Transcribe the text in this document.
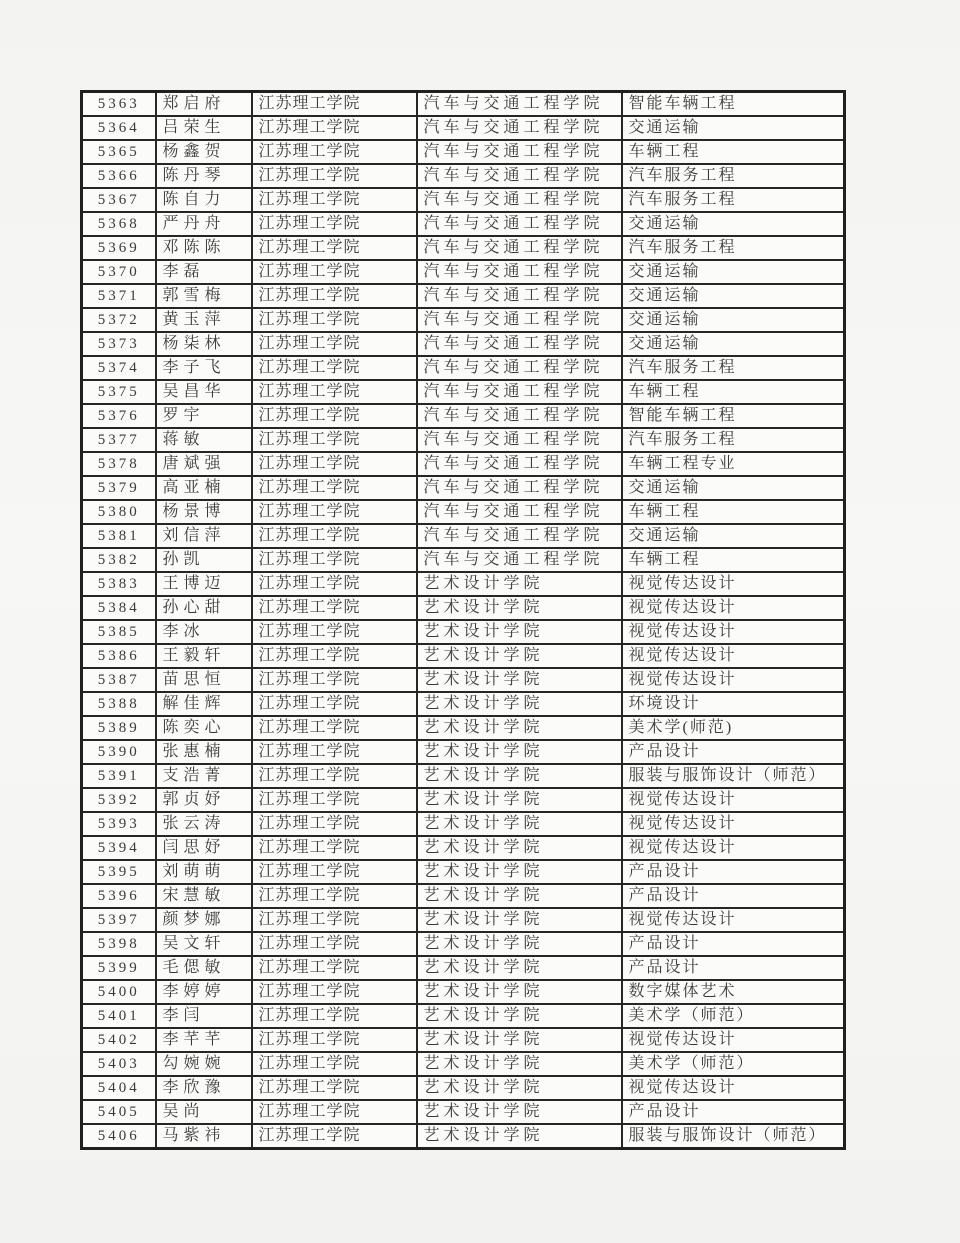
5363	郑启府	江苏理工学院	汽车与交通工程学院	智能车辆工程
5364	吕荣生	江苏理工学院	汽车与交通工程学院	交通运输
5365	杨鑫贺	江苏理工学院	汽车与交通工程学院	车辆工程
5366	陈丹琴	江苏理工学院	汽车与交通工程学院	汽车服务工程
5367	陈自力	江苏理工学院	汽车与交通工程学院	汽车服务工程
5368	严丹舟	江苏理工学院	汽车与交通工程学院	交通运输
5369	邓陈陈	江苏理工学院	汽车与交通工程学院	汽车服务工程
5370	李磊	江苏理工学院	汽车与交通工程学院	交通运输
5371	郭雪梅	江苏理工学院	汽车与交通工程学院	交通运输
5372	黄玉萍	江苏理工学院	汽车与交通工程学院	交通运输
5373	杨柒林	江苏理工学院	汽车与交通工程学院	交通运输
5374	李子飞	江苏理工学院	汽车与交通工程学院	汽车服务工程
5375	吴昌华	江苏理工学院	汽车与交通工程学院	车辆工程
5376	罗宇	江苏理工学院	汽车与交通工程学院	智能车辆工程
5377	蒋敏	江苏理工学院	汽车与交通工程学院	汽车服务工程
5378	唐斌强	江苏理工学院	汽车与交通工程学院	车辆工程专业
5379	高亚楠	江苏理工学院	汽车与交通工程学院	交通运输
5380	杨景博	江苏理工学院	汽车与交通工程学院	车辆工程
5381	刘信萍	江苏理工学院	汽车与交通工程学院	交通运输
5382	孙凯	江苏理工学院	汽车与交通工程学院	车辆工程
5383	王博迈	江苏理工学院	艺术设计学院	视觉传达设计
5384	孙心甜	江苏理工学院	艺术设计学院	视觉传达设计
5385	李冰	江苏理工学院	艺术设计学院	视觉传达设计
5386	王毅轩	江苏理工学院	艺术设计学院	视觉传达设计
5387	苗思恒	江苏理工学院	艺术设计学院	视觉传达设计
5388	解佳辉	江苏理工学院	艺术设计学院	环境设计
5389	陈奕心	江苏理工学院	艺术设计学院	美术学(师范)
5390	张惠楠	江苏理工学院	艺术设计学院	产品设计
5391	支浩菁	江苏理工学院	艺术设计学院	服装与服饰设计（师范）
5392	郭贞妤	江苏理工学院	艺术设计学院	视觉传达设计
5393	张云涛	江苏理工学院	艺术设计学院	视觉传达设计
5394	闫思妤	江苏理工学院	艺术设计学院	视觉传达设计
5395	刘萌萌	江苏理工学院	艺术设计学院	产品设计
5396	宋慧敏	江苏理工学院	艺术设计学院	产品设计
5397	颜梦娜	江苏理工学院	艺术设计学院	视觉传达设计
5398	吴文轩	江苏理工学院	艺术设计学院	产品设计
5399	毛偲敏	江苏理工学院	艺术设计学院	产品设计
5400	李婷婷	江苏理工学院	艺术设计学院	数字媒体艺术
5401	李闫	江苏理工学院	艺术设计学院	美术学（师范）
5402	李芊芊	江苏理工学院	艺术设计学院	视觉传达设计
5403	勾婉婉	江苏理工学院	艺术设计学院	美术学（师范）
5404	李欣豫	江苏理工学院	艺术设计学院	视觉传达设计
5405	吴尚	江苏理工学院	艺术设计学院	产品设计
5406	马紫祎	江苏理工学院	艺术设计学院	服装与服饰设计（师范）
